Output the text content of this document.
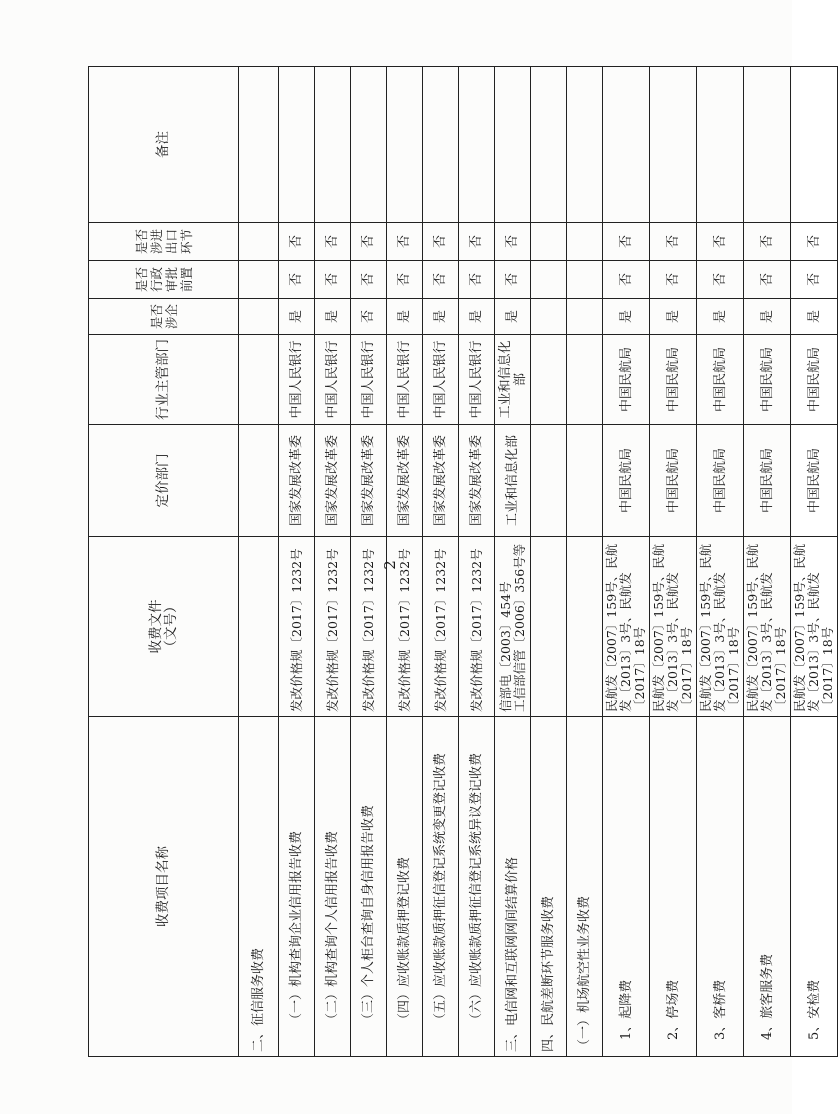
收费项目名称	收费文件 （文号）	定价部门	行业主管部门	是否涉企	是否行政审批前置	是否涉进出口环节	备注
二、征信服务收费							
（一）机构查询企业信用报告收费	发改价格规〔2017〕1232号	国家发展改革委	中国人民银行	是	否	否	
（二）机构查询个人信用报告收费	发改价格规〔2017〕1232号	国家发展改革委	中国人民银行	是	否	否	
（三）个人柜台查询自身信用报告收费	发改价格规〔2017〕1232号	国家发展改革委	中国人民银行	否	否	否	
（四）应收账款质押登记收费	发改价格规〔2017〕1232号	国家发展改革委	中国人民银行	是	否	否	
（五）应收账款质押征信登记系统变更登记收费	发改价格规〔2017〕1232号	国家发展改革委	中国人民银行	是	否	否	
（六）应收账款质押征信登记系统异议登记收费	发改价格规〔2017〕1232号	国家发展改革委	中国人民银行	是	否	否	
三、电信网和互联网网间结算价格	信部电〔2003〕454号
工信部信管〔2006〕356号等	工业和信息化部	工业和信息化部	是	否	否	
四、民航差断环节服务收费							
（一）机场航空性业务收费							
1、起降费	民航发〔2007〕159号、民航发〔2013〕3号、民航发〔2017〕18号	中国民航局	中国民航局	是	否	否	
2、停场费	民航发〔2007〕159号、民航发〔2013〕3号、民航发〔2017〕18号	中国民航局	中国民航局	是	否	否	
3、客桥费	民航发〔2007〕159号、民航发〔2013〕3号、民航发〔2017〕18号	中国民航局	中国民航局	是	否	否	
4、旅客服务费	民航发〔2007〕159号、民航发〔2013〕3号、民航发〔2017〕18号	中国民航局	中国民航局	是	否	否	
5、安检费	民航发〔2007〕159号、民航发〔2013〕3号、民航发〔2017〕18号	中国民航局	中国民航局	是	否	否	
2
